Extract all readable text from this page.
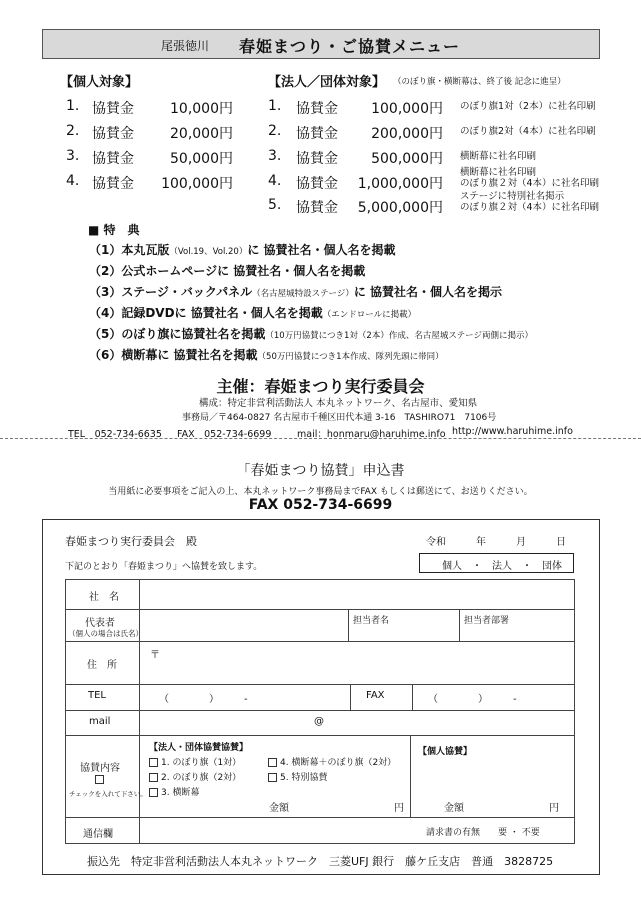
尾張徳川 春姫まつり・ご協賛メニュー
【個人対象】
1. 協賛金	10,000円
2. 協賛金	20,000円
3. 協賛金	50,000円
4. 協賛金	100,000円
【法人／団体対象】 （のぼり旗・横断幕は、終了後 記念に進呈）
1. 協賛金	100,000円 のぼり旗1対（2本）に社名印刷
2. 協賛金	200,000円 のぼり旗2対（4本）に社名印刷
3. 協賛金	500,000円 横断幕に社名印刷
4. 協賛金	1,000,000円
横断幕に社名印刷
のぼり旗２対（4本）に社名印刷
5. 協賛金	5,000,000円
ステージに特別社名掲示
のぼり旗２対（4本）に社名印刷
■ 特　典
（1）本丸瓦版（Vol.19、Vol.20）に 協賛社名・個人名を掲載
（2）公式ホームページに 協賛社名・個人名を掲載
（3）ステージ・バックパネル（名古屋城特設ステージ）に 協賛社名・個人名を掲示
（4）記録DVDに 協賛社名・個人名を掲載（エンドロールに掲載）
（5）のぼり旗に協賛社名を掲載（10万円協賛につき1対（2本）作成、名古屋城ステージ両側に掲示）
（6）横断幕に 協賛社名を掲載（50万円協賛につき1本作成、隊列先頭に帯同）
主催：春姫まつり実行委員会
構成：特定非営利活動法人 本丸ネットワーク、名古屋市、愛知県
事務局／〒464-0827 名古屋市千種区田代本通 3-16　TASHIRO71　7106号
TEL　052-734-6635 FAX　052-734-6699	mail：honmaru@haruhime.info http://www.haruhime.info
「春姫まつり協賛」申込書
当用紙に必要事項をご記入の上、本丸ネットワーク事務局までFAX もしくは郵送にて、お送りください。
FAX 052-734-6699
春姫まつり実行委員会　殿	令和　　　年　　　月　　　日
下記のとおり「春姫まつり」へ協賛を致します。	個人　・　法人　・　団体
社　名
代表者
（個人の場合は氏名）
担当者名	担当者部署
住　所
〒
TEL	（　　　　）　　　-	FAX	（　　　　）　　　-
mail	@
協賛内容
チェックを入れて下さい。
【法人・団体協賛協賛】
1. のぼり旗（1対）
2. のぼり旗（2対）
3. 横断幕
4. 横断幕＋のぼり旗（2対）
5. 特別協賛
金額	円
【個人協賛】
金額	円
通信欄	請求書の有無　　要 ・ 不要
振込先　特定非営利活動法人本丸ネットワーク　三菱UFJ 銀行　藤ケ丘支店　普通　3828725
